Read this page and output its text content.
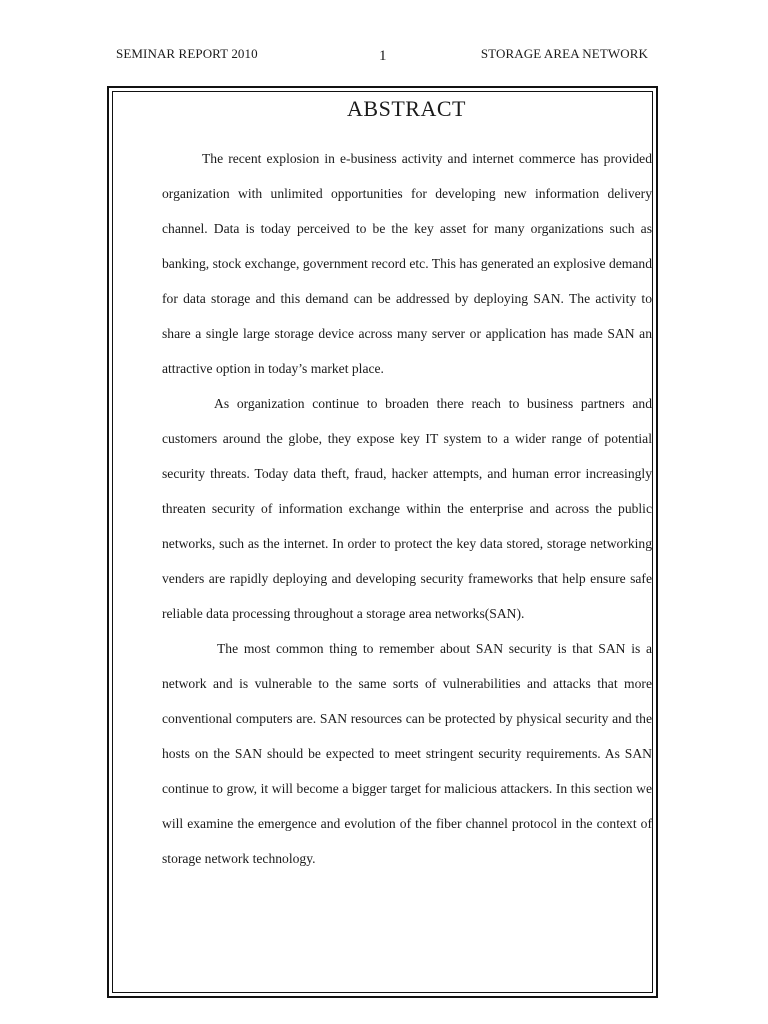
SEMINAR REPORT 2010	1	STORAGE AREA NETWORK
ABSTRACT

The recent explosion in e-business activity and internet commerce has provided organization with unlimited opportunities for developing new information delivery channel. Data is today perceived to be the key asset for many organizations such as banking, stock exchange, government record etc. This has generated an explosive demand for data storage and this demand can be addressed by deploying SAN. The activity to share a single large storage device across many server or application has made SAN an attractive option in today’s market place.

As organization continue to broaden there reach to business partners and customers around the globe, they expose key IT system to a wider range of potential security threats. Today data theft, fraud, hacker attempts, and human error increasingly threaten security of information exchange within the enterprise and across the public networks, such as the internet. In order to protect the key data stored, storage networking venders are rapidly deploying and developing security frameworks that help ensure safe reliable data processing throughout a storage area networks(SAN).

The most common thing to remember about SAN security is that SAN is a network and is vulnerable to the same sorts of vulnerabilities and attacks that more conventional computers are. SAN resources can be protected by physical security and the hosts on the SAN should be expected to meet stringent security requirements. As SAN continue to grow, it will become a bigger target for malicious attackers. In this section we will examine the emergence and evolution of the fiber channel protocol in the context of storage network technology.
